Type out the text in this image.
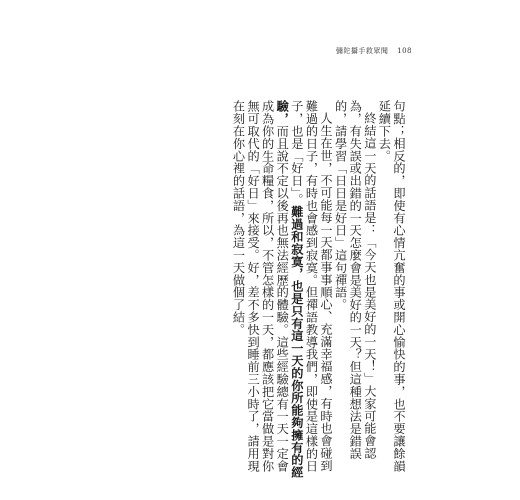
彌陀攝手救眾聞 108

句點；相反的，即使有心情亢奮的事或開心愉快的事，也不要讓餘韻延續下去。

終結這一天的話語是：「今天也是美好的一天！」大家可能會認為，有失誤或出錯的一天怎麼會是美好的一天？但這種想法是錯誤的，請學習「日日是好日」這句禪語。

人生在世，不可能每一天都事事順心、充滿幸福感，有時也會碰到難過的日子，有時也會感到寂寞。但禪語教導我們，即使是這樣的日子，也是「好日」。難過和寂寞，也是只有這一天的你所能夠擁有的經驗，而且說不定以後再也無法經歷的體驗。這些經驗總有一天一定會成為你的生命糧食，所以，不管怎樣的一天，都應該把它當做是對你無可取代的「好日」來接受。好，差不多快到睡前三小時了，請用現在刻在你心裡的話語，為這一天做個了結。
